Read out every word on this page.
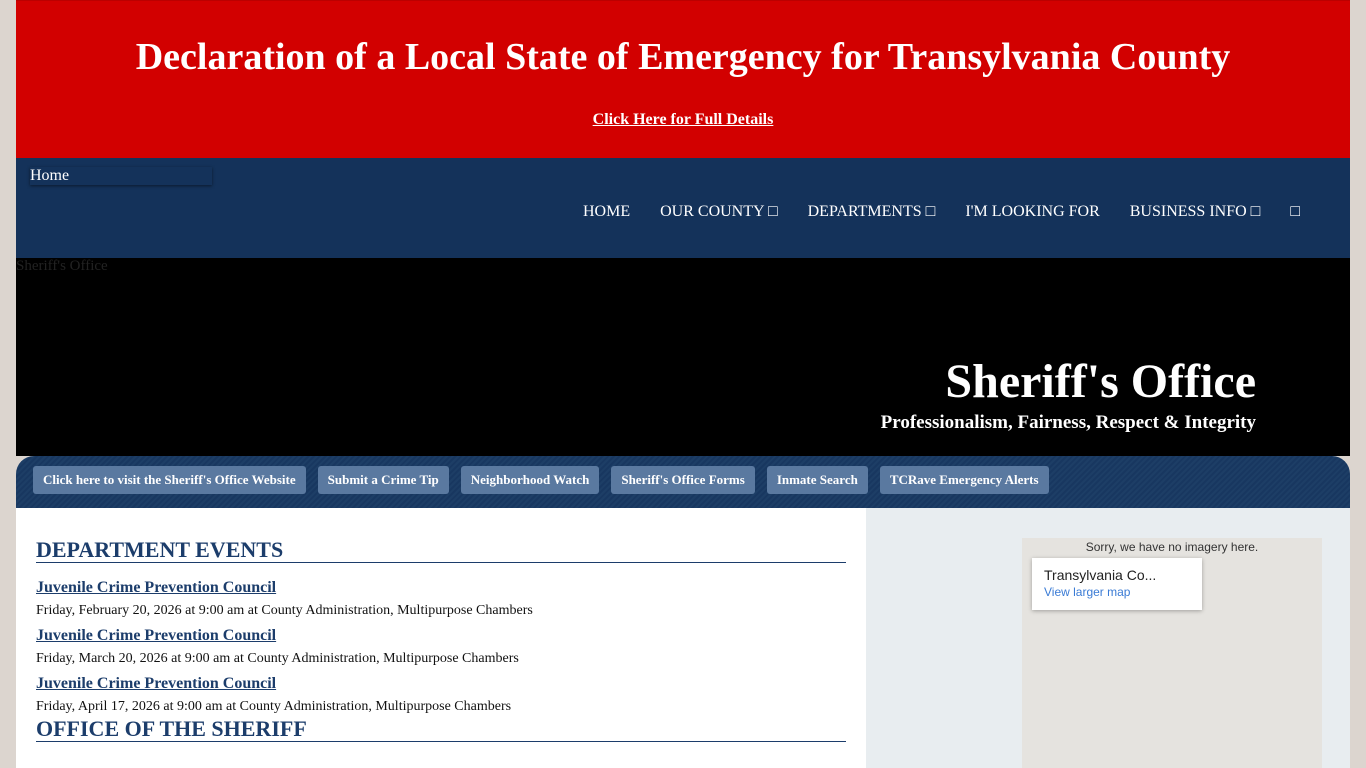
Declaration of a Local State of Emergency for Transylvania County

Click Here for Full Details
Home
HOME OUR COUNTY □ DEPARTMENTS □ I'M LOOKING FOR BUSINESS INFO □ □
Sheriff's Office
Sheriff's Office

Professionalism, Fairness, Respect & Integrity

Click here to visit the Sheriff's Office Website	Submit a Crime Tip	Neighborhood Watch	Sheriff's Office Forms	Inmate Search	TCRave Emergency Alerts
DEPARTMENT EVENTS
Juvenile Crime Prevention Council
Friday, February 20, 2026 at 9:00 am at County Administration, Multipurpose Chambers
Juvenile Crime Prevention Council
Friday, March 20, 2026 at 9:00 am at County Administration, Multipurpose Chambers
Juvenile Crime Prevention Council
Friday, April 17, 2026 at 9:00 am at County Administration, Multipurpose Chambers
OFFICE OF THE SHERIFF
Sorry, we have no imagery here.
Transylvania Co...
View larger map
